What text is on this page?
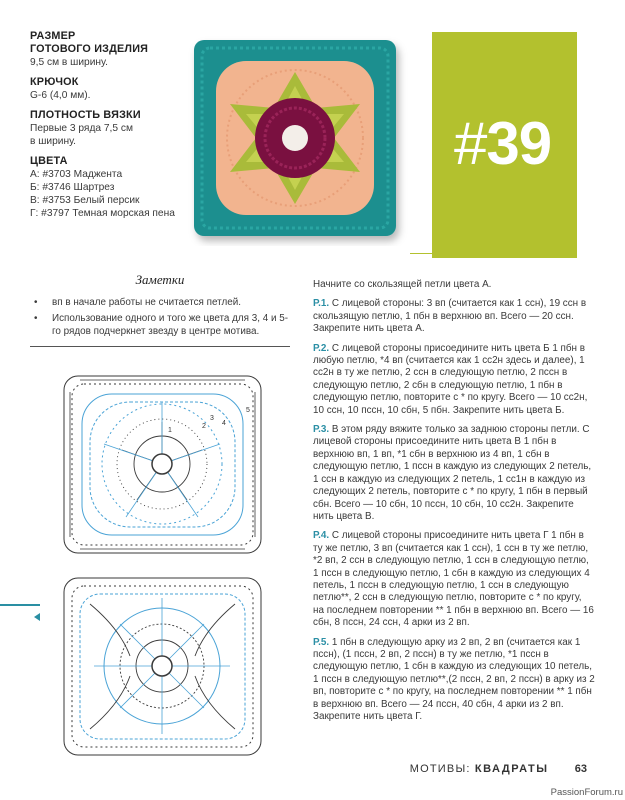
РАЗМЕР
ГОТОВОГО ИЗДЕЛИЯ
9,5 см в ширину.
КРЮЧОК
G-6 (4,0 мм).
ПЛОТНОСТЬ ВЯЗКИ
Первые 3 ряда 7,5 см
в ширину.
ЦВЕТА
А: #3703 Маджента
Б: #3746 Шартрез
В: #3753 Белый персик
Г: #3797 Темная морская пена
#39
Заметки
• вп в начале работы не считается петлей.
• Использование одного и того же цвета для 3, 4 и 5-го рядов подчеркнет звезду в центре мотива.
1
2
3
4
5

Начните со скользящей петли цвета А.

Р.1. С лицевой стороны: 3 вп (считается как 1 ссн), 19 ссн в скользящую петлю, 1 пбн в верхнюю вп. Всего — 20 ссн. Закрепите нить цвета А.

Р.2. С лицевой стороны присоедините нить цвета Б 1 пбн в любую петлю, *4 вп (считается как 1 сс2н здесь и далее), 1 сс2н в ту же петлю, 2 ссн в следующую петлю, 2 пссн в следующую петлю, 2 сбн в следующую петлю, 1 пбн в следующую петлю, повторите с * по кругу. Всего — 10 сс2н, 10 ссн, 10 пссн, 10 сбн, 5 пбн. Закрепите нить цвета Б.

Р.3. В этом ряду вяжите только за заднюю стороны петли. С лицевой стороны присоедините нить цвета В 1 пбн в верхнюю вп, 1 вп, *1 сбн в верхнюю из 4 вп, 1 сбн в следующую петлю, 1 пссн в каждую из следующих 2 петель, 1 ссн в каждую из следующих 2 петель, 1 сс1н в каждую из следующих 2 петель, повторите с * по кругу, 1 пбн в первый сбн. Всего — 10 сбн, 10 пссн, 10 сбн, 10 сс2н. Закрепите нить цвета В.

Р.4. С лицевой стороны присоедините нить цвета Г 1 пбн в ту же петлю, 3 вп (считается как 1 ссн), 1 ссн в ту же петлю, *2 вп, 2 ссн в следующую петлю, 1 ссн в следующую петлю, 1 пссн в следующую петлю, 1 сбн в каждую из следующих 4 петель, 1 пссн в следующую петлю, 1 ссн в следующую петлю**, 2 ссн в следующую петлю, повторите с * по кругу, на последнем повторении ** 1 пбн в верхнюю вп. Всего — 16 сбн, 8 пссн, 24 ссн, 4 арки из 2 вп.

Р.5. 1 пбн в следующую арку из 2 вп, 2 вп (считается как 1 пссн), (1 пссн, 2 вп, 2 пссн) в ту же петлю, *1 пссн в следующую петлю, 1 сбн в каждую из следующих 10 петель, 1 пссн в следующую петлю**,(2 пссн, 2 вп, 2 пссн) в арку из 2 вп, повторите с * по кругу, на последнем повторении ** 1 пбн в верхнюю вп. Всего — 24 пссн, 40 сбн, 4 арки из 2 вп. Закрепите нить цвета Г.

МОТИВЫ: КВАДРАТЫ 63
PassionForum.ru
